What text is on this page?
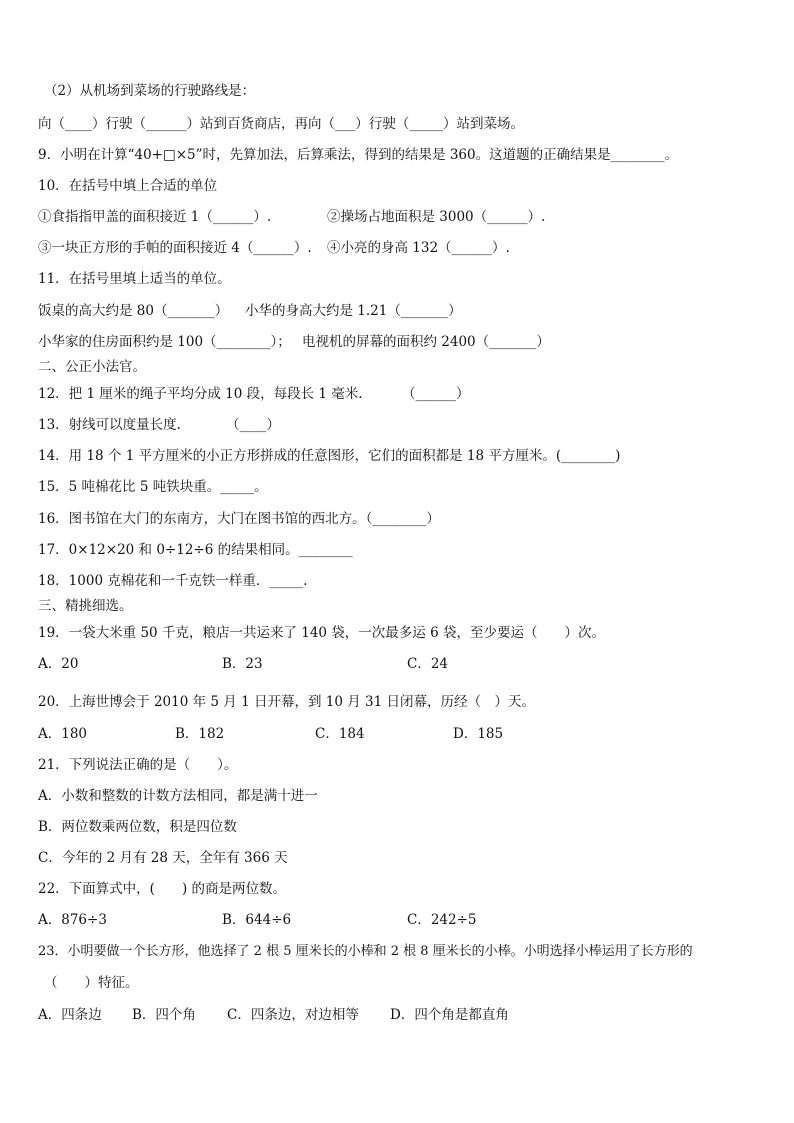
（2）从机场到菜场的行驶路线是：
向（____）行驶（______）站到百货商店，再向（___）行驶（_____）站到菜场。
9．小明在计算“40+□×5”时，先算加法，后算乘法，得到的结果是 360。这道题的正确结果是________。
10．在括号中填上合适的单位
①食指指甲盖的面积接近 1（______）.	②操场占地面积是 3000（______）.
③一块正方形的手帕的面积接近 4（______）. ④小亮的身高 132（______）.
11．在括号里填上适当的单位。
饭桌的高大约是 80（_______） 小华的身高大约是 1.21（_______）
小华家的住房面积约是 100（________）； 电视机的屏幕的面积约 2400（_______）
二、公正小法官。
12．把 1 厘米的绳子平均分成 10 段，每段长 1 毫米.	（______）
13．射线可以度量长度.	（____）
14．用 18 个 1 平方厘米的小正方形拼成的任意图形，它们的面积都是 18 平方厘米。(________)
15．5 吨棉花比 5 吨铁块重。_____。
16．图书馆在大门的东南方，大门在图书馆的西北方。（________）
17．0×12×20 和 0÷12÷6 的结果相同。________
18．1000 克棉花和一千克铁一样重．_____.
三、精挑细选。
19．一袋大米重 50 千克，粮店一共运来了 140 袋，一次最多运 6 袋，至少要运（　　）次。
A．20	B．23	C．24
20．上海世博会于 2010 年 5 月 1 日开幕，到 10 月 31 日闭幕，历经（　）天。
A．180	B．182	C．184	D．185
21．下列说法正确的是（　　）。
A．小数和整数的计数方法相同，都是满十进一
B．两位数乘两位数，积是四位数
C．今年的 2 月有 28 天，全年有 366 天
22．下面算式中，(　　) 的商是两位数。
A．876÷3	B．644÷6	C．242÷5
23．小明要做一个长方形，他选择了 2 根 5 厘米长的小棒和 2 根 8 厘米长的小棒。小明选择小棒运用了长方形的
（　　）特征。
A．四条边 B．四个角 C．四条边，对边相等 D．四个角是都直角
